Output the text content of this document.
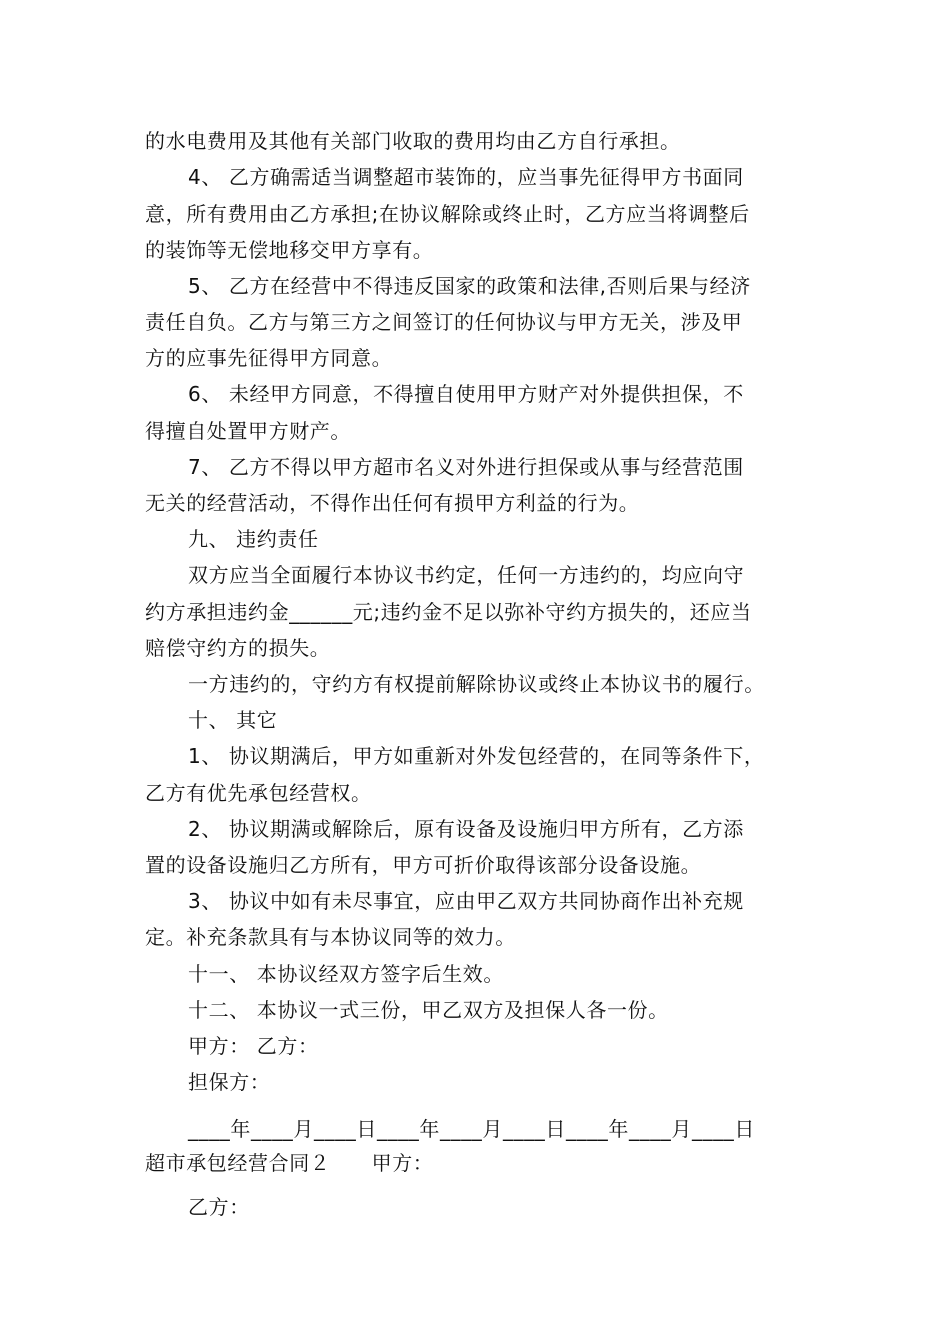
的水电费用及其他有关部门收取的费用均由乙方自行承担。
4、 乙方确需适当调整超市装饰的，应当事先征得甲方书面同
意，所有费用由乙方承担;在协议解除或终止时，乙方应当将调整后
的装饰等无偿地移交甲方享有。
5、 乙方在经营中不得违反国家的政策和法律,否则后果与经济
责任自负。乙方与第三方之间签订的任何协议与甲方无关，涉及甲
方的应事先征得甲方同意。
6、 未经甲方同意，不得擅自使用甲方财产对外提供担保，不
得擅自处置甲方财产。
7、 乙方不得以甲方超市名义对外进行担保或从事与经营范围
无关的经营活动，不得作出任何有损甲方利益的行为。
九、 违约责任
双方应当全面履行本协议书约定，任何一方违约的，均应向守
约方承担违约金______元;违约金不足以弥补守约方损失的，还应当
赔偿守约方的损失。
一方违约的，守约方有权提前解除协议或终止本协议书的履行。
十、 其它
1、 协议期满后，甲方如重新对外发包经营的，在同等条件下，
乙方有优先承包经营权。
2、 协议期满或解除后，原有设备及设施归甲方所有，乙方添
置的设备设施归乙方所有，甲方可折价取得该部分设备设施。
3、 协议中如有未尽事宜，应由甲乙双方共同协商作出补充规
定。补充条款具有与本协议同等的效力。
十一、 本协议经双方签字后生效。
十二、 本协议一式三份，甲乙双方及担保人各一份。
甲方： 乙方：
担保方：
____年____月____日____年____月____日____年____月____日
超市承包经营合同２　　甲方：
乙方：
